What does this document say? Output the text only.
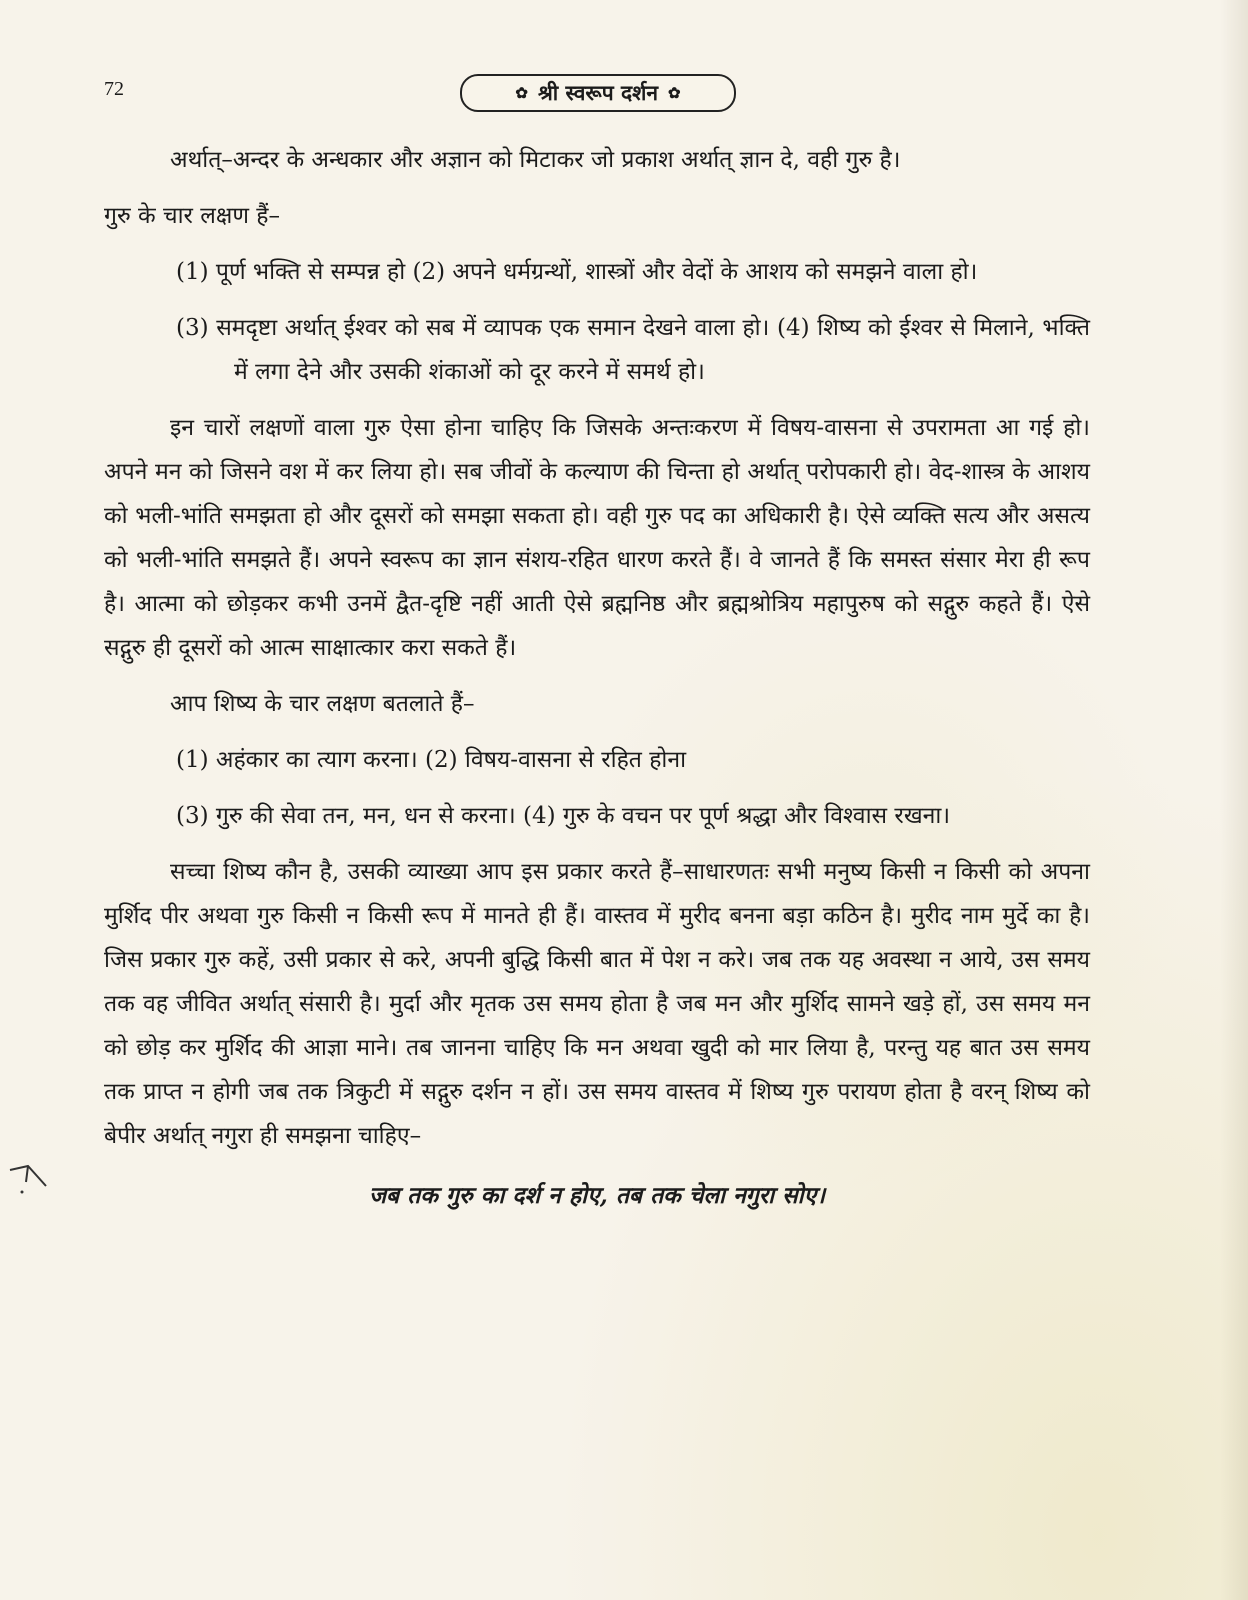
72	✿ श्री स्वरूप दर्शन ✿

अर्थात्–अन्दर के अन्धकार और अज्ञान को मिटाकर जो प्रकाश अर्थात् ज्ञान दे, वही गुरु है।

गुरु के चार लक्षण हैं–

(1) पूर्ण भक्ति से सम्पन्न हो (2) अपने धर्मग्रन्थों, शास्त्रों और वेदों के आशय को समझने वाला हो।

(3) समदृष्टा अर्थात् ईश्वर को सब में व्यापक एक समान देखने वाला हो। (4) शिष्य को ईश्वर से मिलाने, भक्ति में लगा देने और उसकी शंकाओं को दूर करने में समर्थ हो।

इन चारों लक्षणों वाला गुरु ऐसा होना चाहिए कि जिसके अन्तःकरण में विषय-वासना से उपरामता आ गई हो। अपने मन को जिसने वश में कर लिया हो। सब जीवों के कल्याण की चिन्ता हो अर्थात् परोपकारी हो। वेद-शास्त्र के आशय को भली-भांति समझता हो और दूसरों को समझा सकता हो। वही गुरु पद का अधिकारी है। ऐसे व्यक्ति सत्य और असत्य को भली-भांति समझते हैं। अपने स्वरूप का ज्ञान संशय-रहित धारण करते हैं। वे जानते हैं कि समस्त संसार मेरा ही रूप है। आत्मा को छोड़कर कभी उनमें द्वैत-दृष्टि नहीं आती ऐसे ब्रह्मनिष्ठ और ब्रह्मश्रोत्रिय महापुरुष को सद्गुरु कहते हैं। ऐसे सद्गुरु ही दूसरों को आत्म साक्षात्कार करा सकते हैं।

आप शिष्य के चार लक्षण बतलाते हैं–

(1) अहंकार का त्याग करना। (2) विषय-वासना से रहित होना

(3) गुरु की सेवा तन, मन, धन से करना। (4) गुरु के वचन पर पूर्ण श्रद्धा और विश्वास रखना।

सच्चा शिष्य कौन है, उसकी व्याख्या आप इस प्रकार करते हैं–साधारणतः सभी मनुष्य किसी न किसी को अपना मुर्शिद पीर अथवा गुरु किसी न किसी रूप में मानते ही हैं। वास्तव में मुरीद बनना बड़ा कठिन है। मुरीद नाम मुर्दे का है। जिस प्रकार गुरु कहें, उसी प्रकार से करे, अपनी बुद्धि किसी बात में पेश न करे। जब तक यह अवस्था न आये, उस समय तक वह जीवित अर्थात् संसारी है। मुर्दा और मृतक उस समय होता है जब मन और मुर्शिद सामने खड़े हों, उस समय मन को छोड़ कर मुर्शिद की आज्ञा माने। तब जानना चाहिए कि मन अथवा खुदी को मार लिया है, परन्तु यह बात उस समय तक प्राप्त न होगी जब तक त्रिकुटी में सद्गुरु दर्शन न हों। उस समय वास्तव में शिष्य गुरु परायण होता है वरन् शिष्य को बेपीर अर्थात् नगुरा ही समझना चाहिए–

जब तक गुरु का दर्श न होए, तब तक चेला नगुरा सोए।
